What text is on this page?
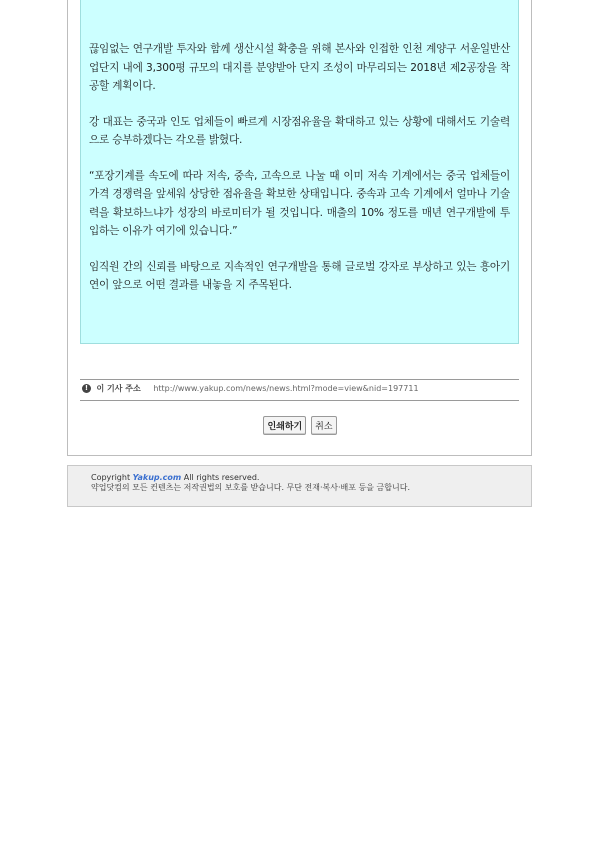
끊임없는 연구개발 투자와 함께 생산시설 확충을 위해 본사와 인접한 인천 계양구 서운일반산업단지 내에 3,300평 규모의 대지를 분양받아 단지 조성이 마무리되는 2018년 제2공장을 착공할 계획이다.

강 대표는 중국과 인도 업체들이 빠르게 시장점유율을 확대하고 있는 상황에 대해서도 기술력으로 승부하겠다는 각오를 밝혔다.

“포장기계를 속도에 따라 저속, 중속, 고속으로 나눌 때 이미 저속 기계에서는 중국 업체들이 가격 경쟁력을 앞세워 상당한 점유율을 확보한 상태입니다. 중속과 고속 기계에서 얼마나 기술력을 확보하느냐가 성장의 바로미터가 될 것입니다. 매출의 10% 정도를 매년 연구개발에 투입하는 이유가 여기에 있습니다.”

임직원 간의 신뢰를 바탕으로 지속적인 연구개발을 통해 글로벌 강자로 부상하고 있는 흥아기연이 앞으로 어떤 결과를 내놓을 지 주목된다.

! 이 기사 주소 http://www.yakup.com/news/news.html?mode=view&nid=197711
인쇄하기 취소
Copyright Yakup.com All rights reserved.
약업닷컴의 모든 컨텐츠는 저작권법의 보호를 받습니다. 무단 전재·복사·배포 등을 금합니다.
